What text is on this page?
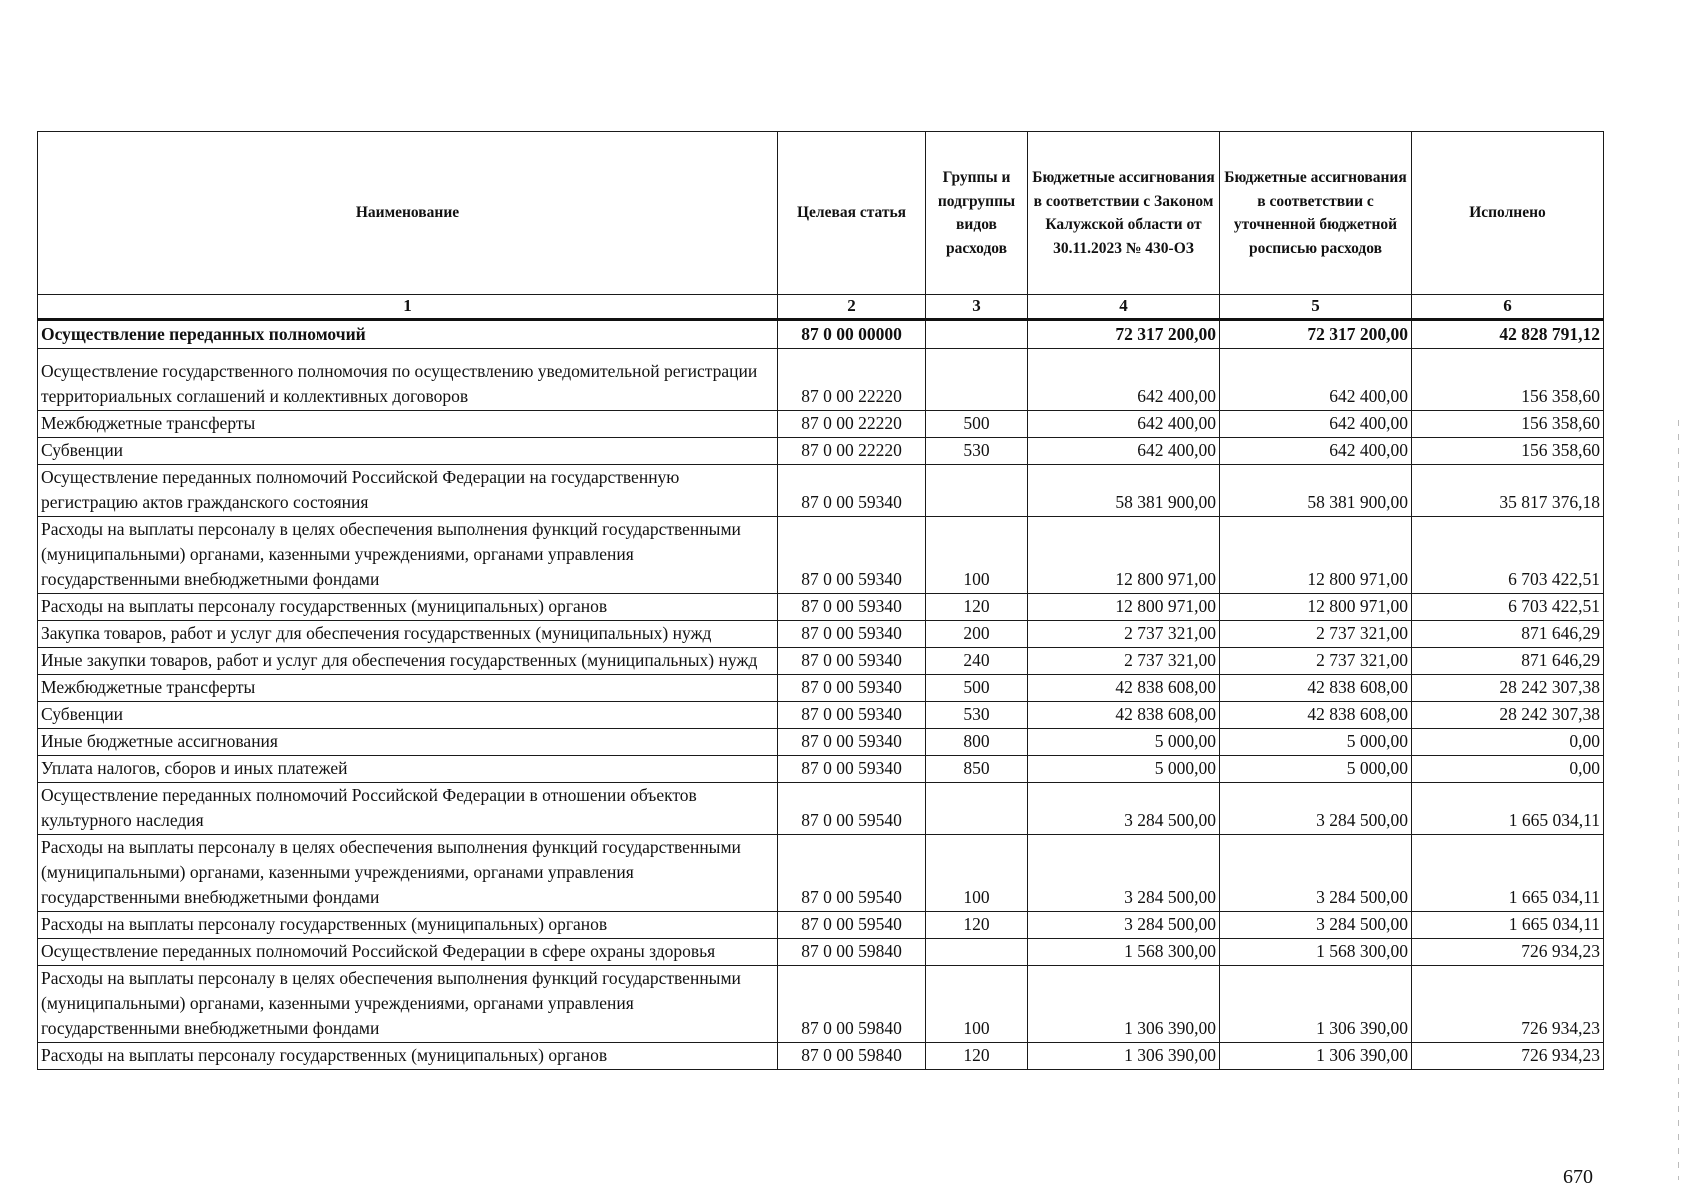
Наименование	Целевая статья	Группы и подгруппы видов расходов	Бюджетные ассигнования в соответствии с Законом Калужской области от 30.11.2023 № 430-ОЗ	Бюджетные ассигнования в соответствии с уточненной бюджетной росписью расходов	Исполнено
1	2	3	4	5	6
Осуществление переданных полномочий	87 0 00 00000		72 317 200,00	72 317 200,00	42 828 791,12
Осуществление государственного полномочия по осуществлению уведомительной регистрации территориальных соглашений и коллективных договоров	87 0 00 22220		642 400,00	642 400,00	156 358,60
Межбюджетные трансферты	87 0 00 22220	500	642 400,00	642 400,00	156 358,60
Субвенции	87 0 00 22220	530	642 400,00	642 400,00	156 358,60
Осуществление переданных полномочий Российской Федерации на государственную регистрацию актов гражданского состояния	87 0 00 59340		58 381 900,00	58 381 900,00	35 817 376,18
Расходы на выплаты персоналу в целях обеспечения выполнения функций государственными (муниципальными) органами, казенными учреждениями, органами управления государственными внебюджетными фондами	87 0 00 59340	100	12 800 971,00	12 800 971,00	6 703 422,51
Расходы на выплаты персоналу государственных (муниципальных) органов	87 0 00 59340	120	12 800 971,00	12 800 971,00	6 703 422,51
Закупка товаров, работ и услуг для обеспечения государственных (муниципальных) нужд	87 0 00 59340	200	2 737 321,00	2 737 321,00	871 646,29
Иные закупки товаров, работ и услуг для обеспечения государственных (муниципальных) нужд	87 0 00 59340	240	2 737 321,00	2 737 321,00	871 646,29
Межбюджетные трансферты	87 0 00 59340	500	42 838 608,00	42 838 608,00	28 242 307,38
Субвенции	87 0 00 59340	530	42 838 608,00	42 838 608,00	28 242 307,38
Иные бюджетные ассигнования	87 0 00 59340	800	5 000,00	5 000,00	0,00
Уплата налогов, сборов и иных платежей	87 0 00 59340	850	5 000,00	5 000,00	0,00
Осуществление переданных полномочий Российской Федерации в отношении объектов культурного наследия	87 0 00 59540		3 284 500,00	3 284 500,00	1 665 034,11
Расходы на выплаты персоналу в целях обеспечения выполнения функций государственными (муниципальными) органами, казенными учреждениями, органами управления государственными внебюджетными фондами	87 0 00 59540	100	3 284 500,00	3 284 500,00	1 665 034,11
Расходы на выплаты персоналу государственных (муниципальных) органов	87 0 00 59540	120	3 284 500,00	3 284 500,00	1 665 034,11
Осуществление переданных полномочий Российской Федерации в сфере охраны здоровья	87 0 00 59840		1 568 300,00	1 568 300,00	726 934,23
Расходы на выплаты персоналу в целях обеспечения выполнения функций государственными (муниципальными) органами, казенными учреждениями, органами управления государственными внебюджетными фондами	87 0 00 59840	100	1 306 390,00	1 306 390,00	726 934,23
Расходы на выплаты персоналу государственных (муниципальных) органов	87 0 00 59840	120	1 306 390,00	1 306 390,00	726 934,23
670
